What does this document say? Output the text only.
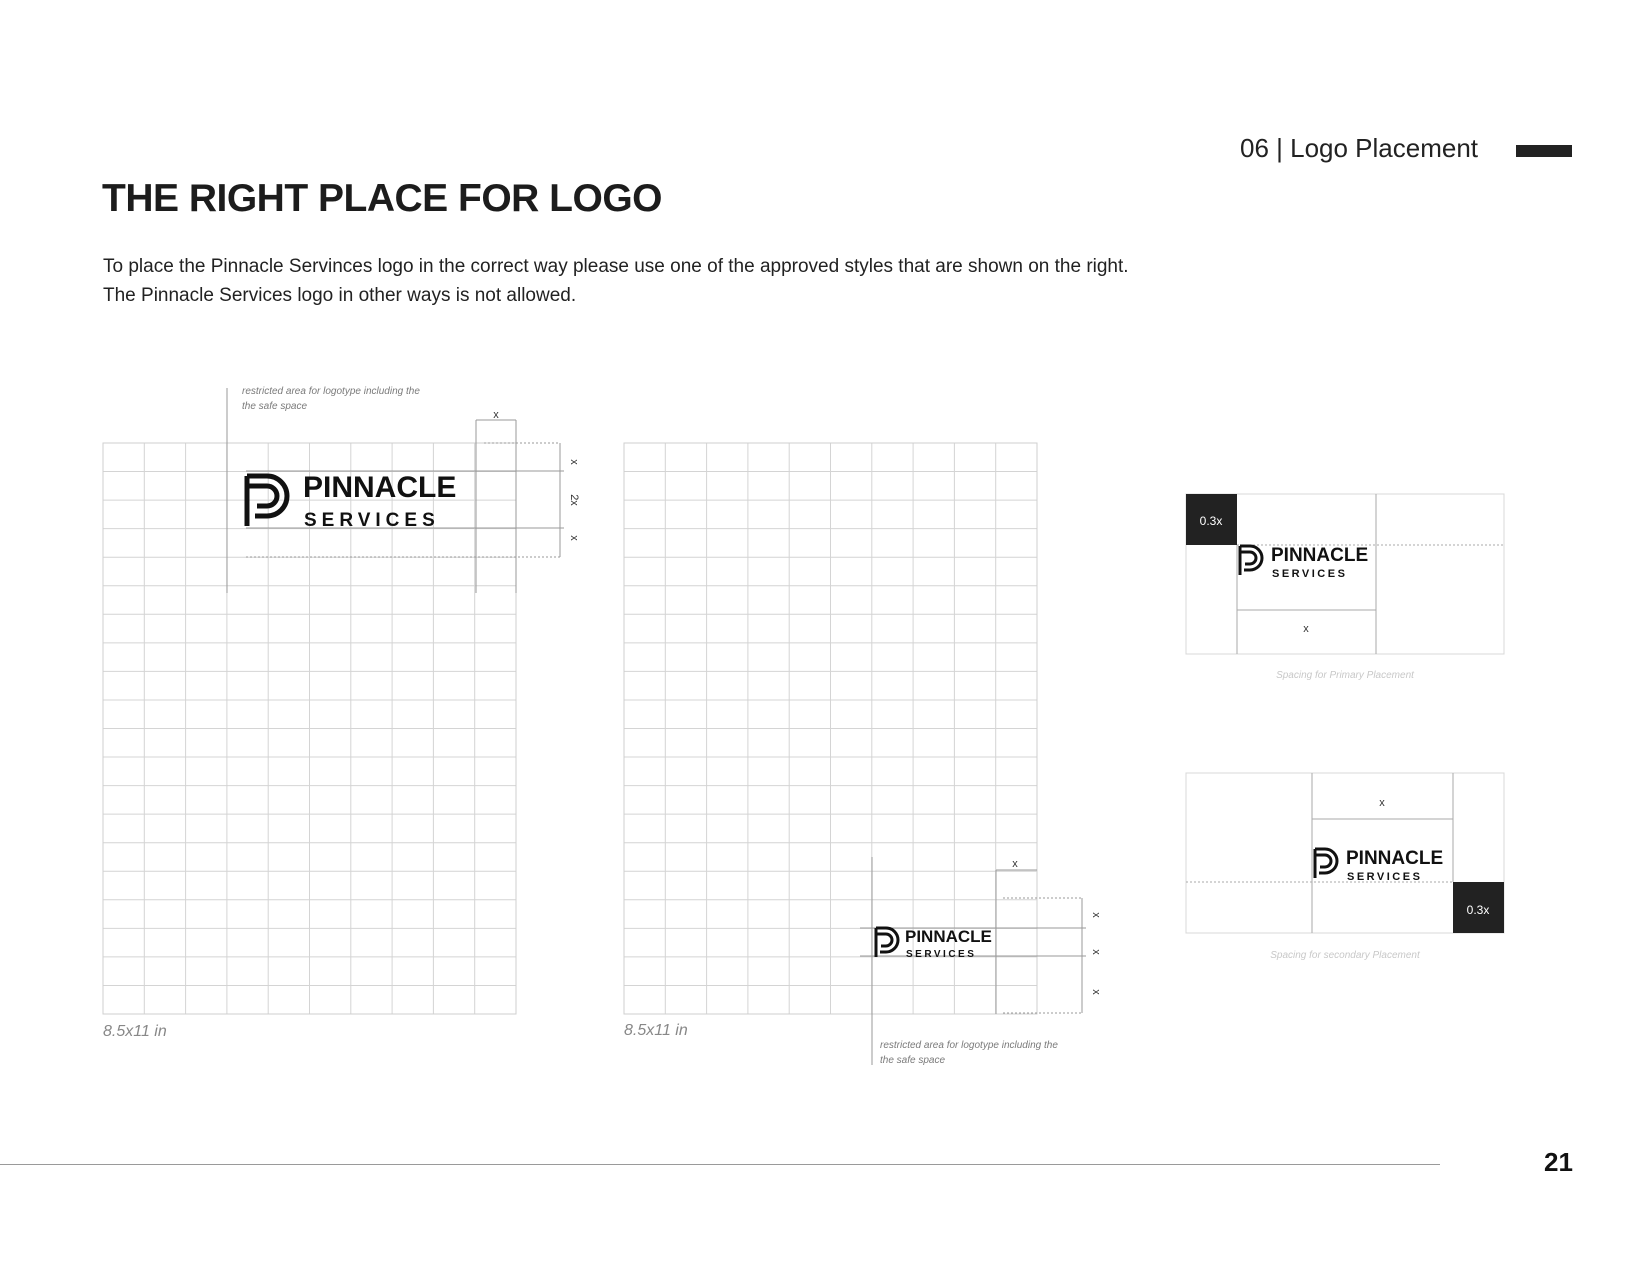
06 | Logo Placement
THE RIGHT PLACE FOR LOGO
To place the Pinnacle Servinces logo in the correct way please use one of the approved styles that are shown on the right.
The Pinnacle Services logo in other ways is not allowed.
x
x
2x
x
PINNACLE
SERVICES
restricted area for logotype including the
the safe space
8.5x11 in
x
x
x
x
PINNACLE
SERVICES
restricted area for logotype including the
the safe space
8.5x11 in
0.3x
x
PINNACLE
SERVICES
Spacing for Primary Placement
0.3x
x
PINNACLE
SERVICES
Spacing for secondary Placement
21
